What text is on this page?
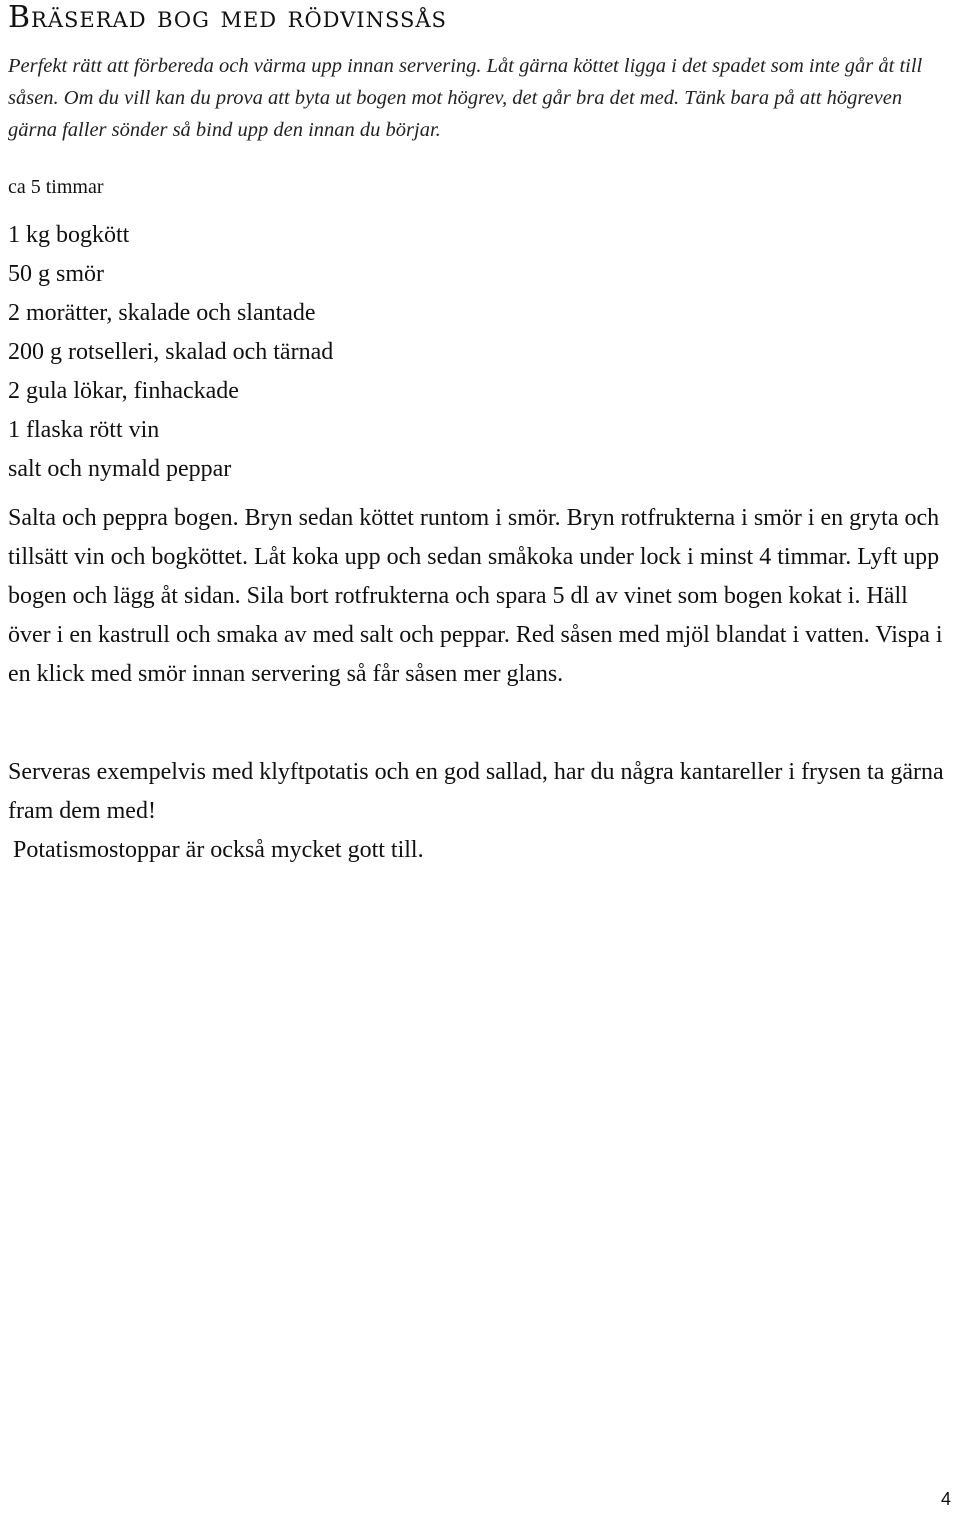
Bräserad bog med rödvinssås

Perfekt rätt att förbereda och värma upp innan servering. Låt gärna köttet ligga i det spadet som inte går åt till såsen. Om du vill kan du prova att byta ut bogen mot högrev, det går bra det med. Tänk bara på att högreven gärna faller sönder så bind upp den innan du börjar.

ca 5 timmar

1 kg bogkött
50 g smör
2 morätter, skalade och slantade
200 g rotselleri, skalad och tärnad
2 gula lökar, finhackade
1 flaska rött vin
salt och nymald peppar

Salta och peppra bogen. Bryn sedan köttet runtom i smör. Bryn rotfrukterna i smör i en gryta och tillsätt vin och bogköttet. Låt koka upp och sedan småkoka under lock i minst 4 timmar. Lyft upp bogen och lägg åt sidan. Sila bort rotfrukterna och spara 5 dl av vinet som bogen kokat i. Häll över i en kastrull och smaka av med salt och peppar. Red såsen med mjöl blandat i vatten. Vispa i en klick med smör innan servering så får såsen mer glans.

Serveras exempelvis med klyftpotatis och en god sallad, har du några kantareller i frysen ta gärna fram dem med!

Potatismostoppar är också mycket gott till.

4
